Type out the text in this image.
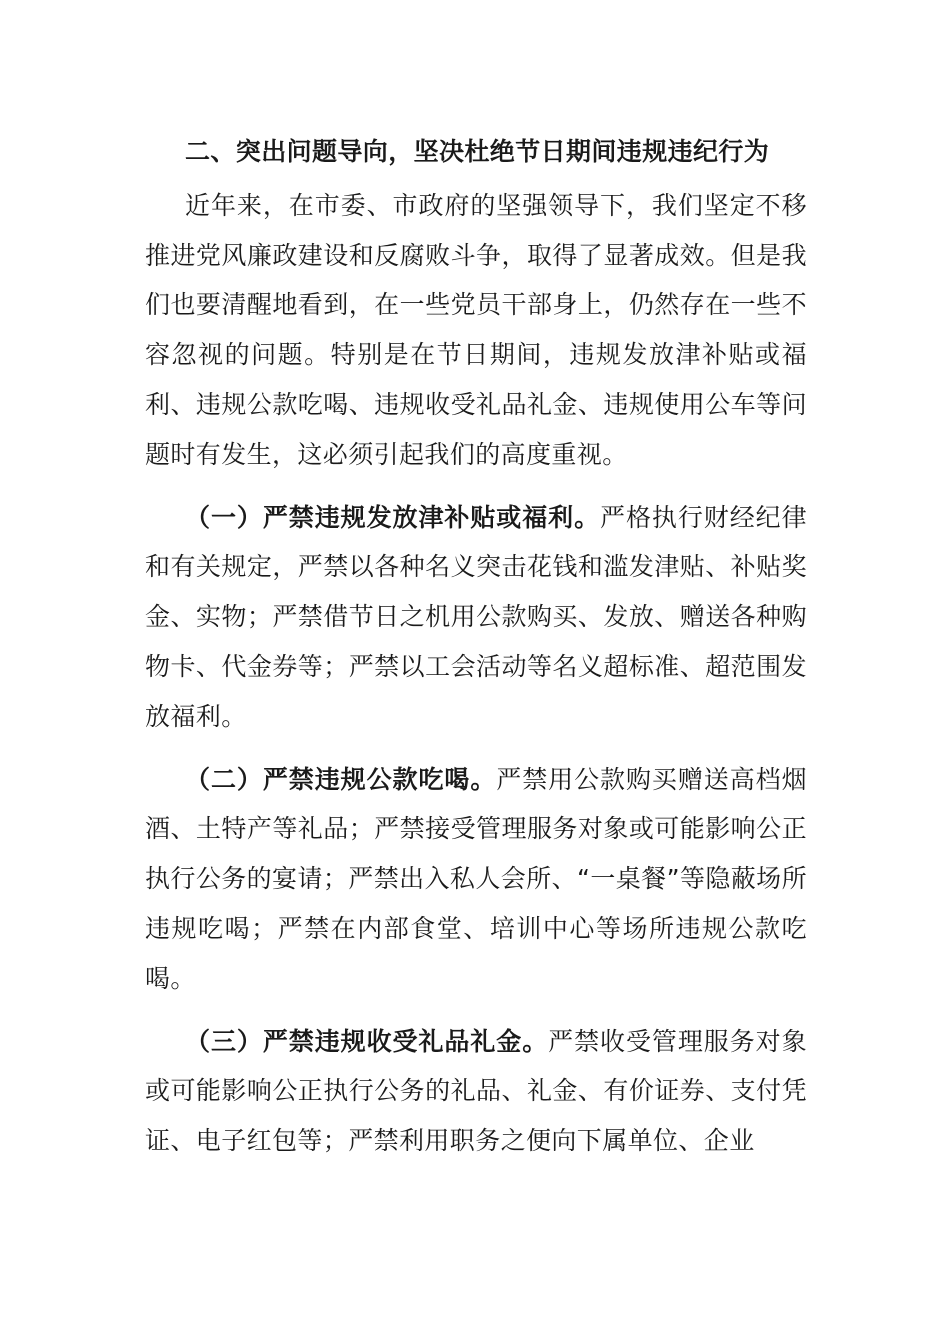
二、突出问题导向，坚决杜绝节日期间违规违纪行为

近年来，在市委、市政府的坚强领导下，我们坚定不移推进党风廉政建设和反腐败斗争，取得了显著成效。但是我们也要清醒地看到，在一些党员干部身上，仍然存在一些不容忽视的问题。特别是在节日期间，违规发放津补贴或福利、违规公款吃喝、违规收受礼品礼金、违规使用公车等问题时有发生，这必须引起我们的高度重视。

（一）严禁违规发放津补贴或福利。严格执行财经纪律和有关规定，严禁以各种名义突击花钱和滥发津贴、补贴奖金、实物；严禁借节日之机用公款购买、发放、赠送各种购物卡、代金券等；严禁以工会活动等名义超标准、超范围发放福利。

（二）严禁违规公款吃喝。严禁用公款购买赠送高档烟酒、土特产等礼品；严禁接受管理服务对象或可能影响公正执行公务的宴请；严禁出入私人会所、“一桌餐”等隐蔽场所违规吃喝；严禁在内部食堂、培训中心等场所违规公款吃喝。

（三）严禁违规收受礼品礼金。严禁收受管理服务对象或可能影响公正执行公务的礼品、礼金、有价证券、支付凭证、电子红包等；严禁利用职务之便向下属单位、企业
